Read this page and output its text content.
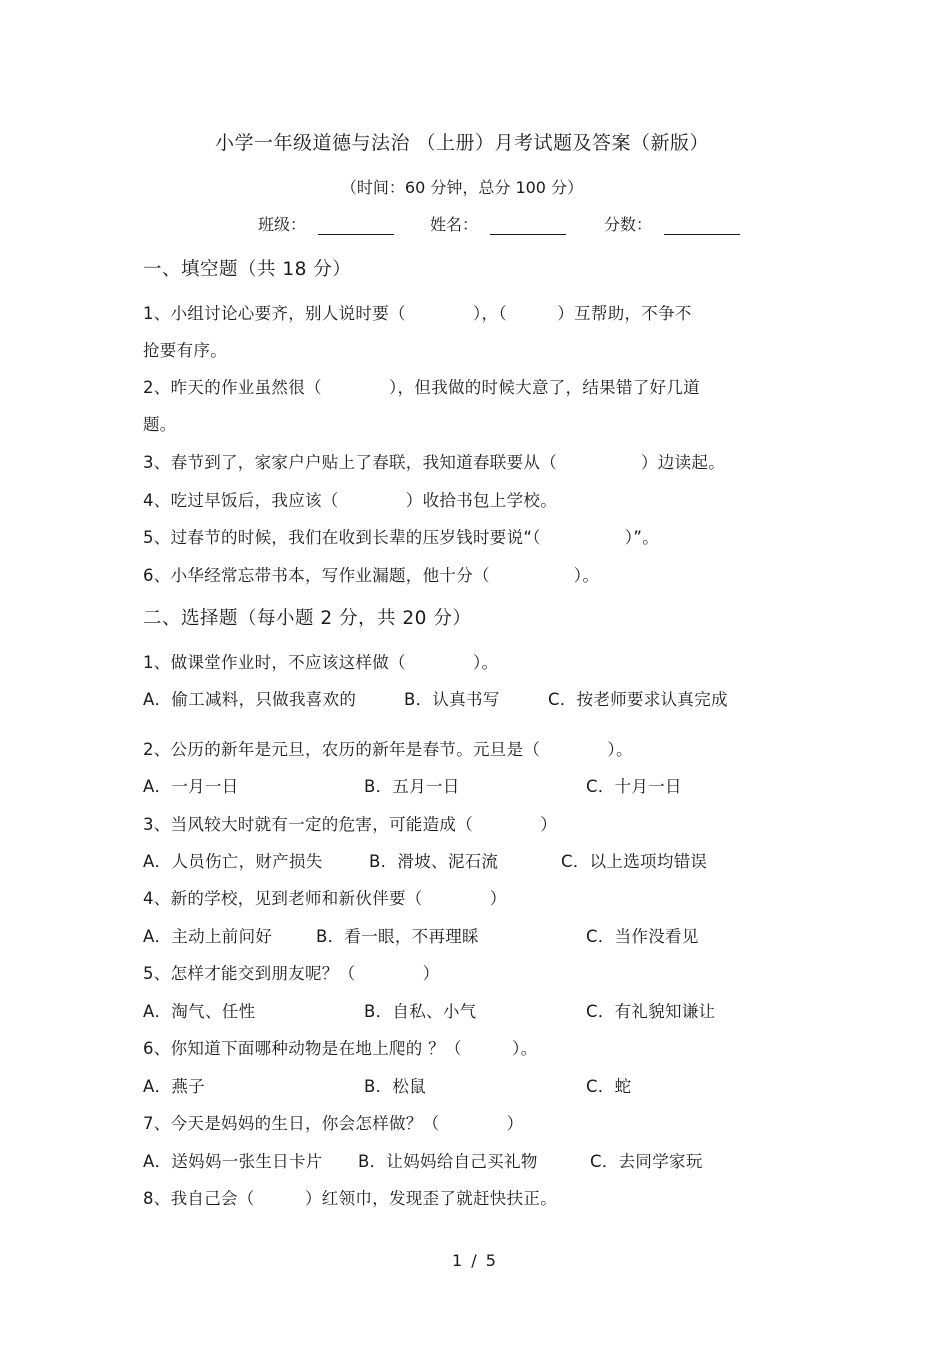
小学一年级道德与法治 （上册）月考试题及答案（新版）
（时间：60 分钟，总分 100 分）
班级：	姓名：	分数：
一、填空题（共 18 分）
1、小组讨论心要齐，别人说时要（　　　　），（　　　）互帮助，不争不
抢要有序。
2、昨天的作业虽然很（　　　　），但我做的时候大意了，结果错了好几道
题。
3、春节到了，家家户户贴上了春联，我知道春联要从（　　　　　）边读起。
4、吃过早饭后，我应该（　　　　）收拾书包上学校。
5、过春节的时候，我们在收到长辈的压岁钱时要说“（　　　　　）”。
6、小华经常忘带书本，写作业漏题，他十分（　　　　　）。
二、选择题（每小题 2 分，共 20 分）
1、做课堂作业时，不应该这样做（　　　　）。
A．偷工减料，只做我喜欢的	B．认真书写	C．按老师要求认真完成
2、公历的新年是元旦，农历的新年是春节。元旦是（　　　　）。
A．一月一日	B．五月一日	C．十月一日
3、当风较大时就有一定的危害，可能造成（　　　　）
A．人员伤亡，财产损失	B．滑坡、泥石流	C．以上选项均错误
4、新的学校，见到老师和新伙伴要（　　　　）
A．主动上前问好	B．看一眼，不再理睬	C．当作没看见
5、怎样才能交到朋友呢？（　　　　）
A．淘气、任性	B．自私、小气	C．有礼貌知谦让
6、你知道下面哪种动物是在地上爬的 ？（　　　）。
A．燕子	B．松鼠	C．蛇
7、今天是妈妈的生日，你会怎样做？（　　　　）
A．送妈妈一张生日卡片 B．让妈妈给自己买礼物	C．去同学家玩
8、我自己会（　　　）红领巾，发现歪了就赶快扶正。
1 / 5
